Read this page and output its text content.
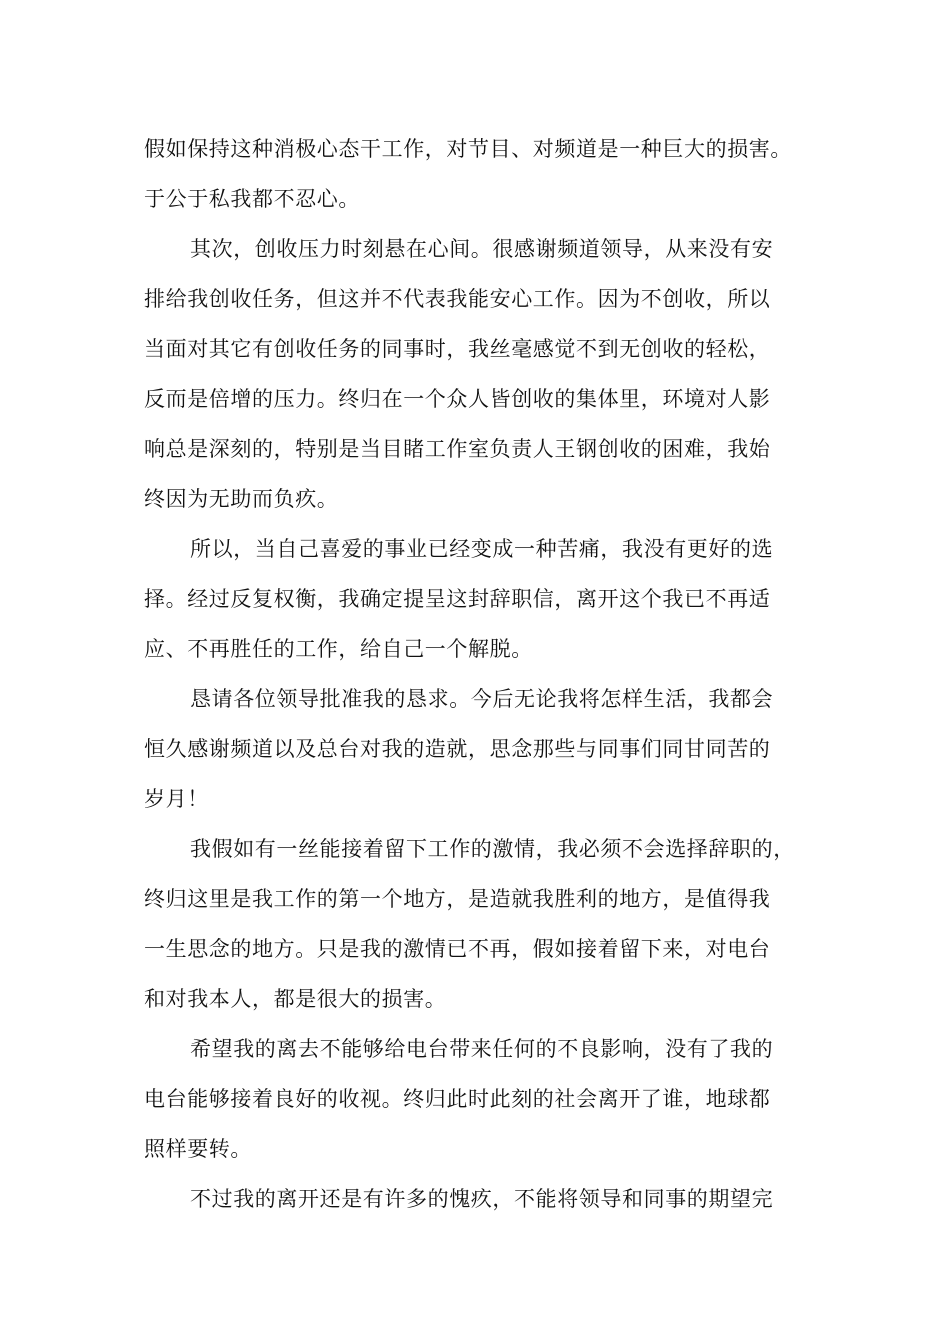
假如保持这种消极心态干工作，对节目、对频道是一种巨大的损害。
于公于私我都不忍心。
其次，创收压力时刻悬在心间。很感谢频道领导，从来没有安
排给我创收任务，但这并不代表我能安心工作。因为不创收，所以
当面对其它有创收任务的同事时，我丝毫感觉不到无创收的轻松，
反而是倍增的压力。终归在一个众人皆创收的集体里，环境对人影
响总是深刻的，特别是当目睹工作室负责人王钢创收的困难，我始
终因为无助而负疚。
所以，当自己喜爱的事业已经变成一种苦痛，我没有更好的选
择。经过反复权衡，我确定提呈这封辞职信，离开这个我已不再适
应、不再胜任的工作，给自己一个解脱。
恳请各位领导批准我的恳求。今后无论我将怎样生活，我都会
恒久感谢频道以及总台对我的造就，思念那些与同事们同甘同苦的
岁月！
我假如有一丝能接着留下工作的激情，我必须不会选择辞职的，
终归这里是我工作的第一个地方，是造就我胜利的地方，是值得我
一生思念的地方。只是我的激情已不再，假如接着留下来，对电台
和对我本人，都是很大的损害。
希望我的离去不能够给电台带来任何的不良影响，没有了我的
电台能够接着良好的收视。终归此时此刻的社会离开了谁，地球都
照样要转。
不过我的离开还是有许多的愧疚，不能将领导和同事的期望完
